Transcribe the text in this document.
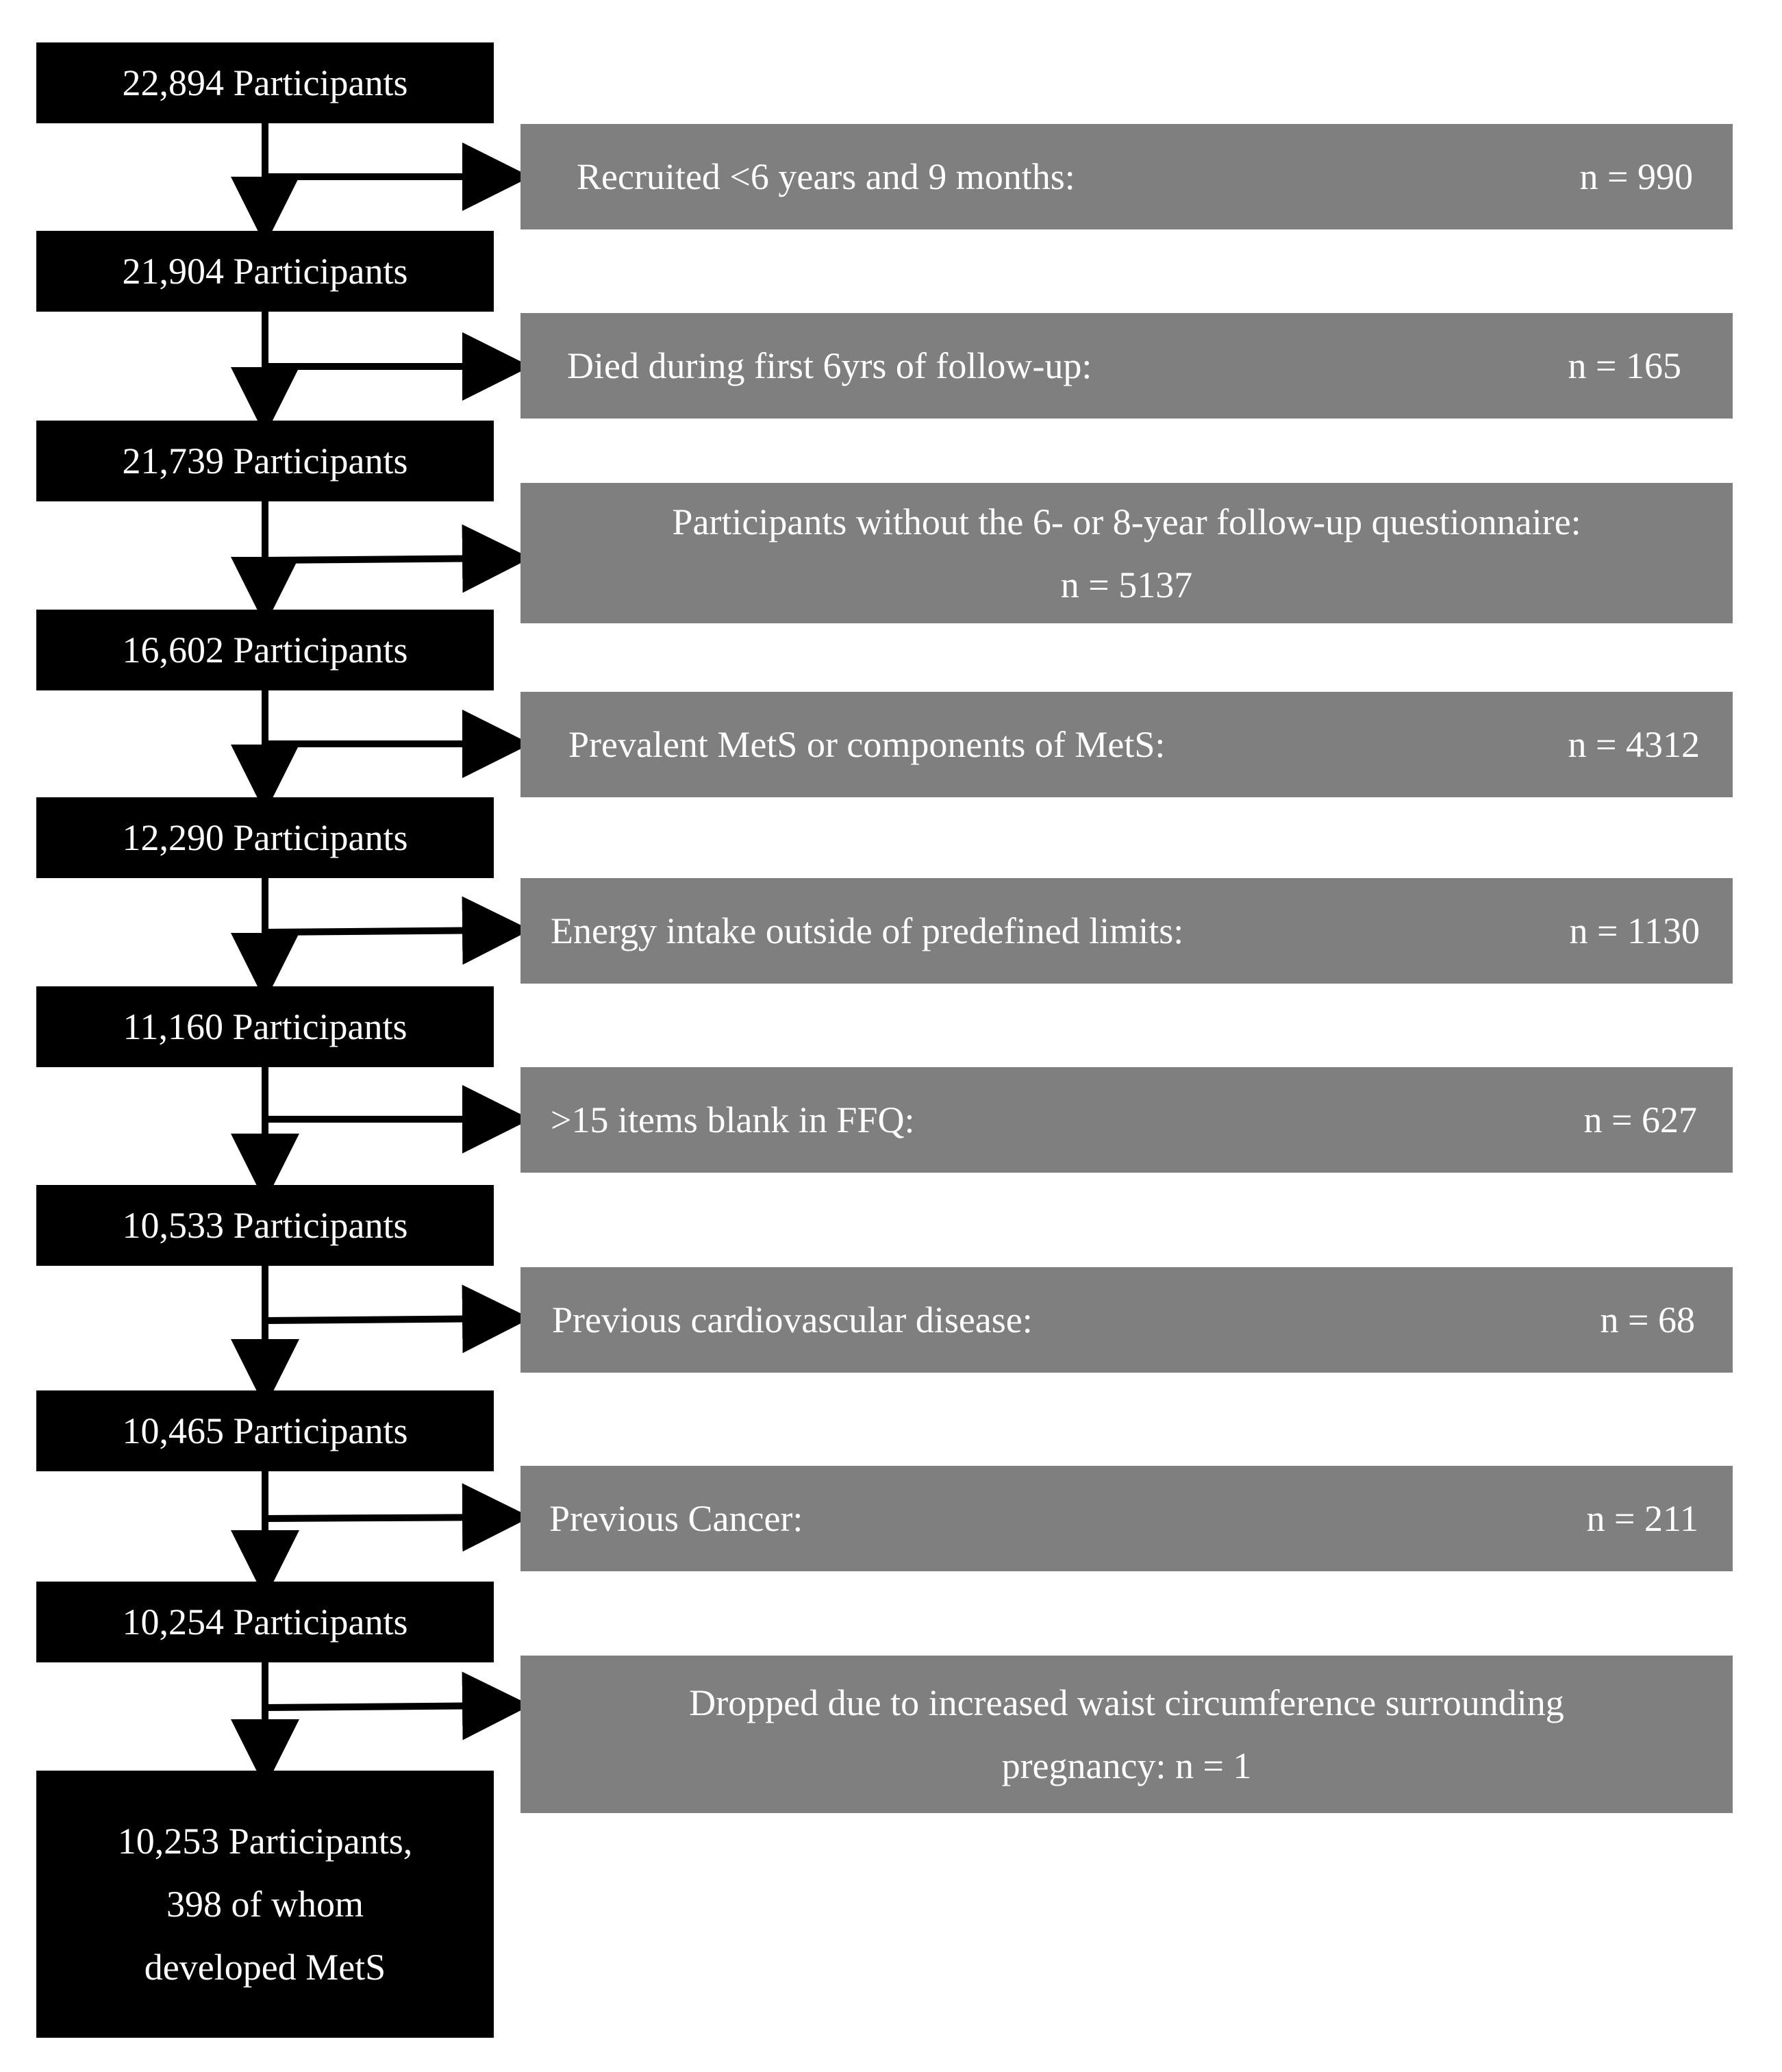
22,894 Participants
21,904 Participants
21,739 Participants
16,602 Participants
12,290 Participants
11,160 Participants
10,533 Participants
10,465 Participants
10,254 Participants
10,253 Participants,
398 of whom
developed MetS
Recruited <6 years and 9 months:	n = 990
Died during first 6yrs of follow-up:	n = 165
Participants without the 6- or 8-year follow-up questionnaire:
n = 5137
Prevalent MetS or components of MetS:	n = 4312
Energy intake outside of predefined limits:	n = 1130
>15 items blank in FFQ:	n = 627
Previous cardiovascular disease:	n = 68
Previous Cancer:	n = 211
Dropped due to increased waist circumference surrounding
pregnancy: n = 1
